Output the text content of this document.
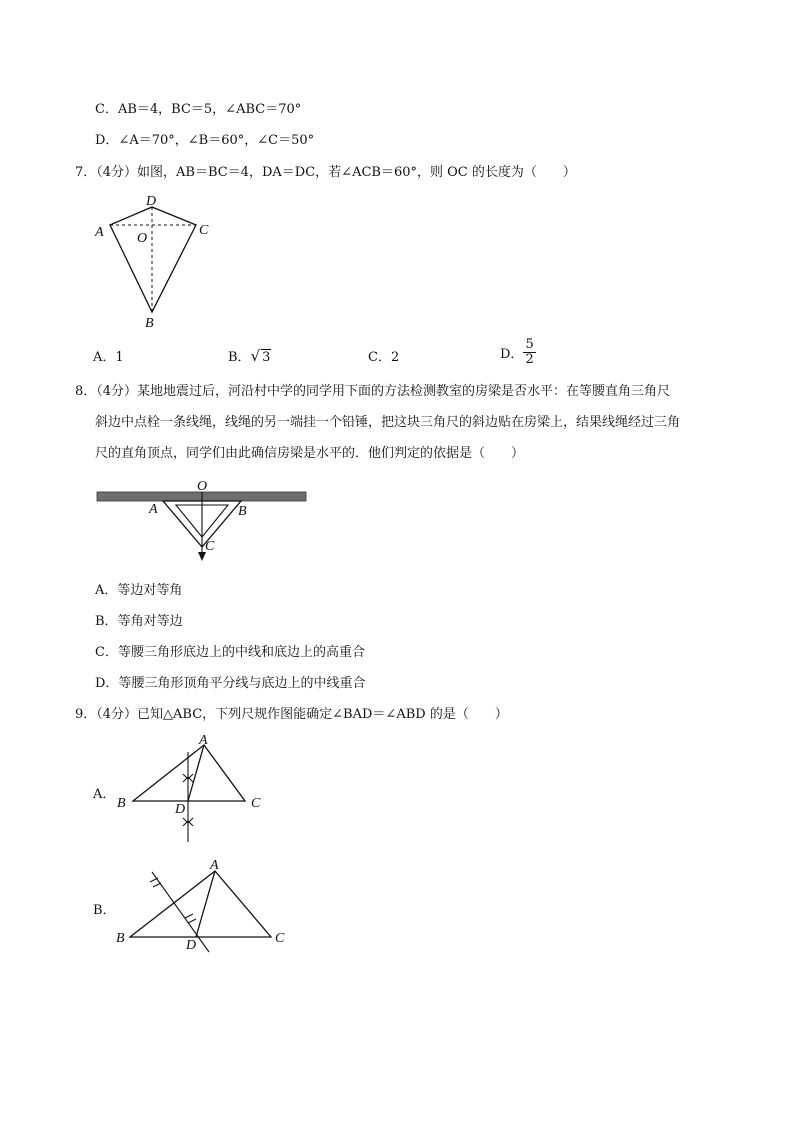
C．AB＝4，BC＝5，∠ABC＝70°
D．∠A＝70°，∠B＝60°，∠C＝50°
7．（4分）如图，AB＝BC＝4，DA＝DC，若∠ACB＝60°，则 OC 的长度为（　　）
A
D
C
O
B
A．1	B．√ 3	C．2	D． $\frac{5}{2}$
8．（4分）某地地震过后，河沿村中学的同学用下面的方法检测教室的房梁是否水平：在等腰直角三角尺
斜边中点栓一条线绳，线绳的另一端挂一个铅锤，把这块三角尺的斜边贴在房梁上，结果线绳经过三角
尺的直角顶点，同学们由此确信房梁是水平的．他们判定的依据是（　　）
O
A	B
C
A．等边对等角
B．等角对等边
C．等腰三角形底边上的中线和底边上的高重合
D．等腰三角形顶角平分线与底边上的中线重合
9．（4分）已知△ABC，下列尺规作图能确定∠BAD＝∠ABD 的是（　　）
A．
A
B	C
D
B．
A
B	C
D
